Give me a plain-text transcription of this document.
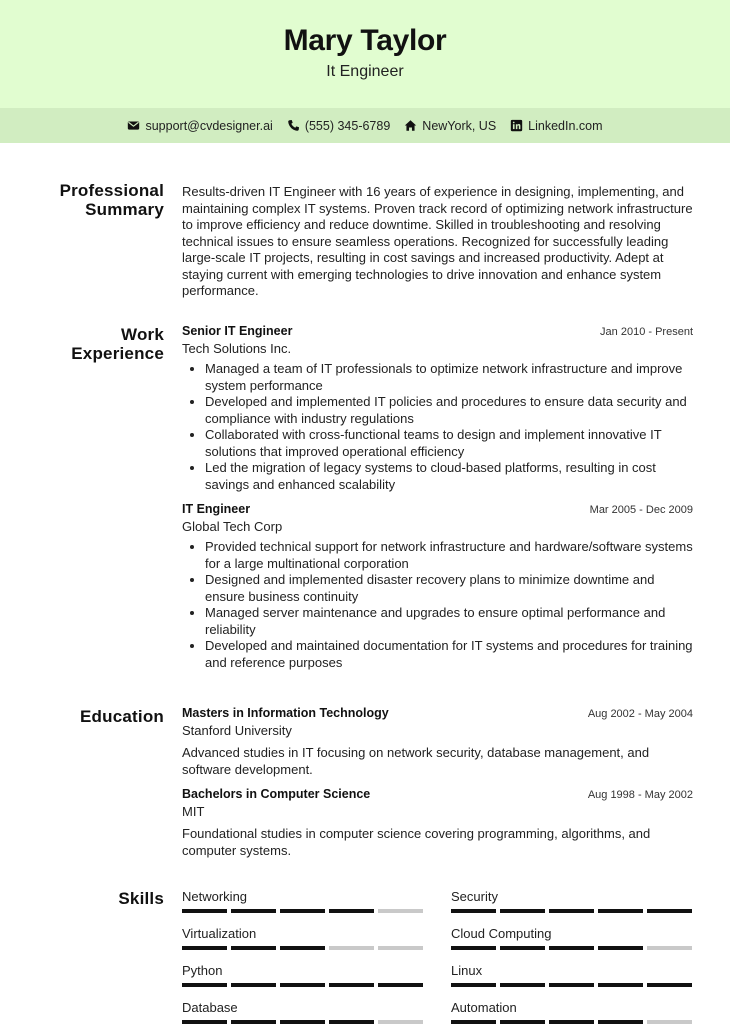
Mary Taylor
It Engineer
support@cvdesigner.ai	(555) 345-6789	NewYork, US	LinkedIn.com
Professional
Summary

Results-driven IT Engineer with 16 years of experience in designing, implementing, and maintaining complex IT systems. Proven track record of optimizing network infrastructure to improve efficiency and reduce downtime. Skilled in troubleshooting and resolving technical issues to ensure seamless operations. Recognized for successfully leading large-scale IT projects, resulting in cost savings and increased productivity. Adept at staying current with emerging technologies to drive innovation and enhance system performance.

Work
Experience
Senior IT Engineer	Jan 2010 - Present
Tech Solutions Inc.
• Managed a team of IT professionals to optimize network infrastructure and improve system performance
• Developed and implemented IT policies and procedures to ensure data security and compliance with industry regulations
• Collaborated with cross-functional teams to design and implement innovative IT solutions that improved operational efficiency
• Led the migration of legacy systems to cloud-based platforms, resulting in cost savings and enhanced scalability
IT Engineer	Mar 2005 - Dec 2009
Global Tech Corp
• Provided technical support for network infrastructure and hardware/software systems for a large multinational corporation
• Designed and implemented disaster recovery plans to minimize downtime and ensure business continuity
• Managed server maintenance and upgrades to ensure optimal performance and reliability
• Developed and maintained documentation for IT systems and procedures for training and reference purposes
Education Masters in Information Technology	Aug 2002 - May 2004
Stanford University

Advanced studies in IT focusing on network security, database management, and software development.

Bachelors in Computer Science	Aug 1998 - May 2002
MIT

Foundational studies in computer science covering programming, algorithms, and computer systems.

Skills Networking	Security
Virtualization	Cloud Computing
Python	Linux
Database	Automation
